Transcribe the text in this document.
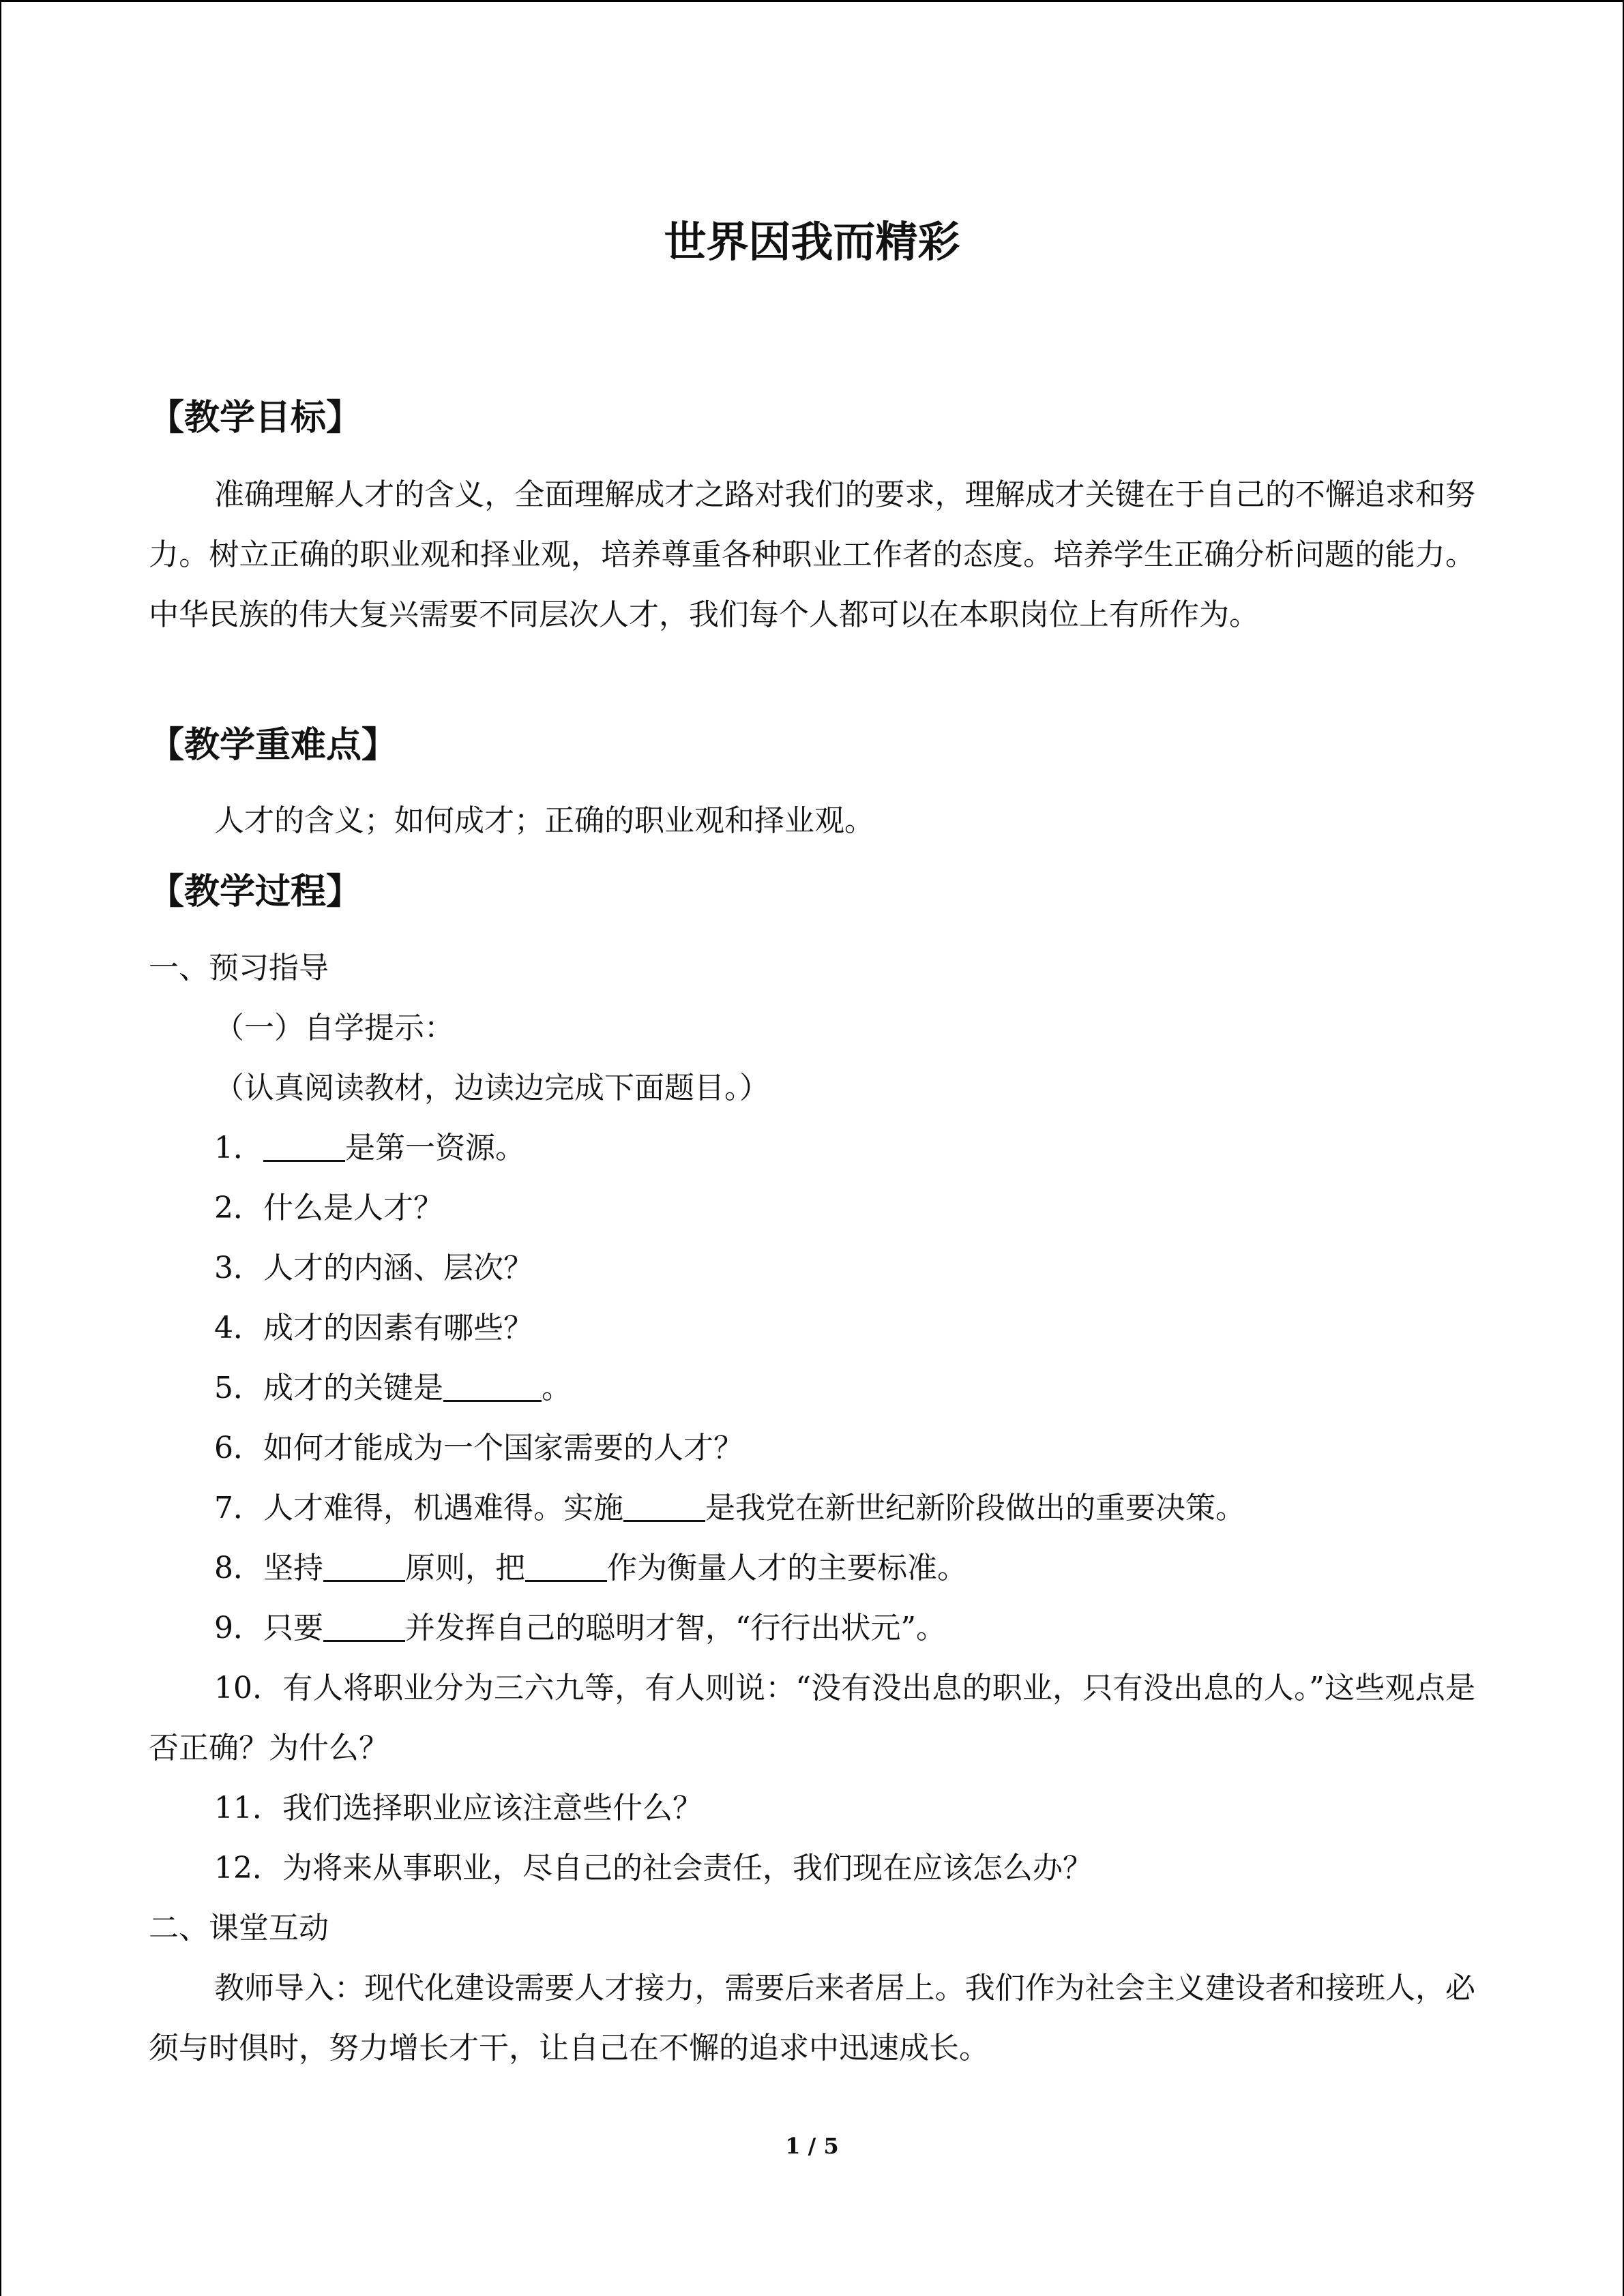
世界因我而精彩
【教学目标】
准确理解人才的含义，全面理解成才之路对我们的要求，理解成才关键在于自己的不懈追求和努力。树立正确的职业观和择业观，培养尊重各种职业工作者的态度。培养学生正确分析问题的能力。中华民族的伟大复兴需要不同层次人才，我们每个人都可以在本职岗位上有所作为。
【教学重难点】
人才的含义；如何成才；正确的职业观和择业观。
【教学过程】
一、预习指导
（一）自学提示：
（认真阅读教材，边读边完成下面题目。）
1．	是第一资源。
2．什么是人才？
3．人才的内涵、层次？
4．成才的因素有哪些？
5．成才的关键是	。
6．如何才能成为一个国家需要的人才？
7．人才难得，机遇难得。实施	是我党在新世纪新阶段做出的重要决策。
8．坚持	原则，把	作为衡量人才的主要标准。
9．只要	并发挥自己的聪明才智，“行行出状元”。
10．有人将职业分为三六九等，有人则说：“没有没出息的职业，只有没出息的人。”这些观点是否正确？为什么？
11．我们选择职业应该注意些什么？
12．为将来从事职业，尽自己的社会责任，我们现在应该怎么办？
二、课堂互动
教师导入：现代化建设需要人才接力，需要后来者居上。我们作为社会主义建设者和接班人，必须与时俱时，努力增长才干，让自己在不懈的追求中迅速成长。
1 / 5
